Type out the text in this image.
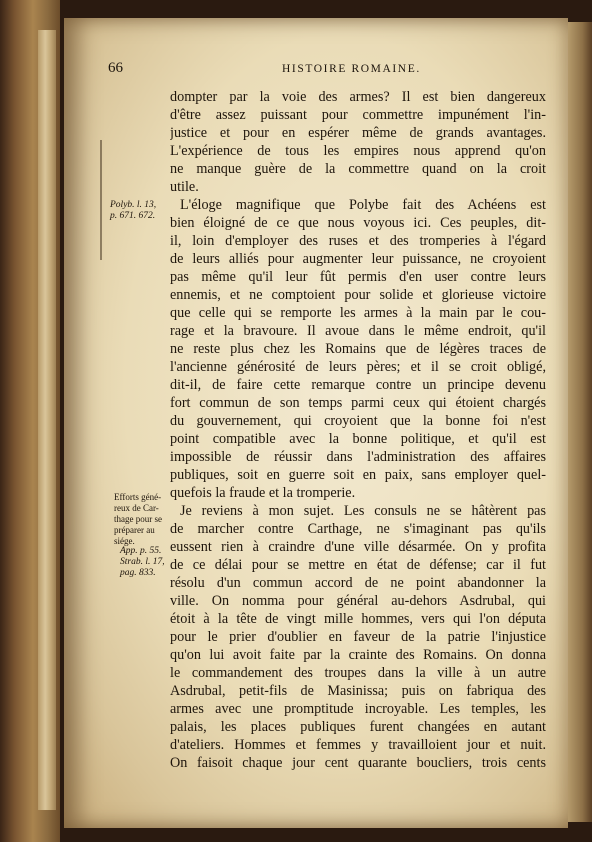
66	HISTOIRE ROMAINE.
Polyb. l. 13,
p. 671. 672.
Efforts géné-
reux de Car-
thage pour se
préparer au
siége.
App. p. 55.
Strab. l. 17,
pag. 833.
dompter par la voie des armes? Il est bien dangereux
d'être assez puissant pour commettre impunément l'in-
justice et pour en espérer même de grands avantages.
L'expérience de tous les empires nous apprend qu'on
ne manque guère de la commettre quand on la croit
utile.
L'éloge magnifique que Polybe fait des Achéens est
bien éloigné de ce que nous voyous ici. Ces peuples, dit-
il, loin d'employer des ruses et des tromperies à l'égard
de leurs alliés pour augmenter leur puissance, ne croyoient
pas même qu'il leur fût permis d'en user contre leurs
ennemis, et ne comptoient pour solide et glorieuse victoire
que celle qui se remporte les armes à la main par le cou-
rage et la bravoure. Il avoue dans le même endroit, qu'il
ne reste plus chez les Romains que de légères traces de
l'ancienne générosité de leurs pères; et il se croit obligé,
dit-il, de faire cette remarque contre un principe devenu
fort commun de son temps parmi ceux qui étoient chargés
du gouvernement, qui croyoient que la bonne foi n'est
point compatible avec la bonne politique, et qu'il est
impossible de réussir dans l'administration des affaires
publiques, soit en guerre soit en paix, sans employer quel-
quefois la fraude et la tromperie.
Je reviens à mon sujet. Les consuls ne se hâtèrent pas
de marcher contre Carthage, ne s'imaginant pas qu'ils
eussent rien à craindre d'une ville désarmée. On y profita
de ce délai pour se mettre en état de défense; car il fut
résolu d'un commun accord de ne point abandonner la
ville. On nomma pour général au-dehors Asdrubal, qui
étoit à la tête de vingt mille hommes, vers qui l'on députa
pour le prier d'oublier en faveur de la patrie l'injustice
qu'on lui avoit faite par la crainte des Romains. On donna
le commandement des troupes dans la ville à un autre
Asdrubal, petit-fils de Masinissa; puis on fabriqua des
armes avec une promptitude incroyable. Les temples, les
palais, les places publiques furent changées en autant
d'ateliers. Hommes et femmes y travailloient jour et nuit.
On faisoit chaque jour cent quarante boucliers, trois cents
